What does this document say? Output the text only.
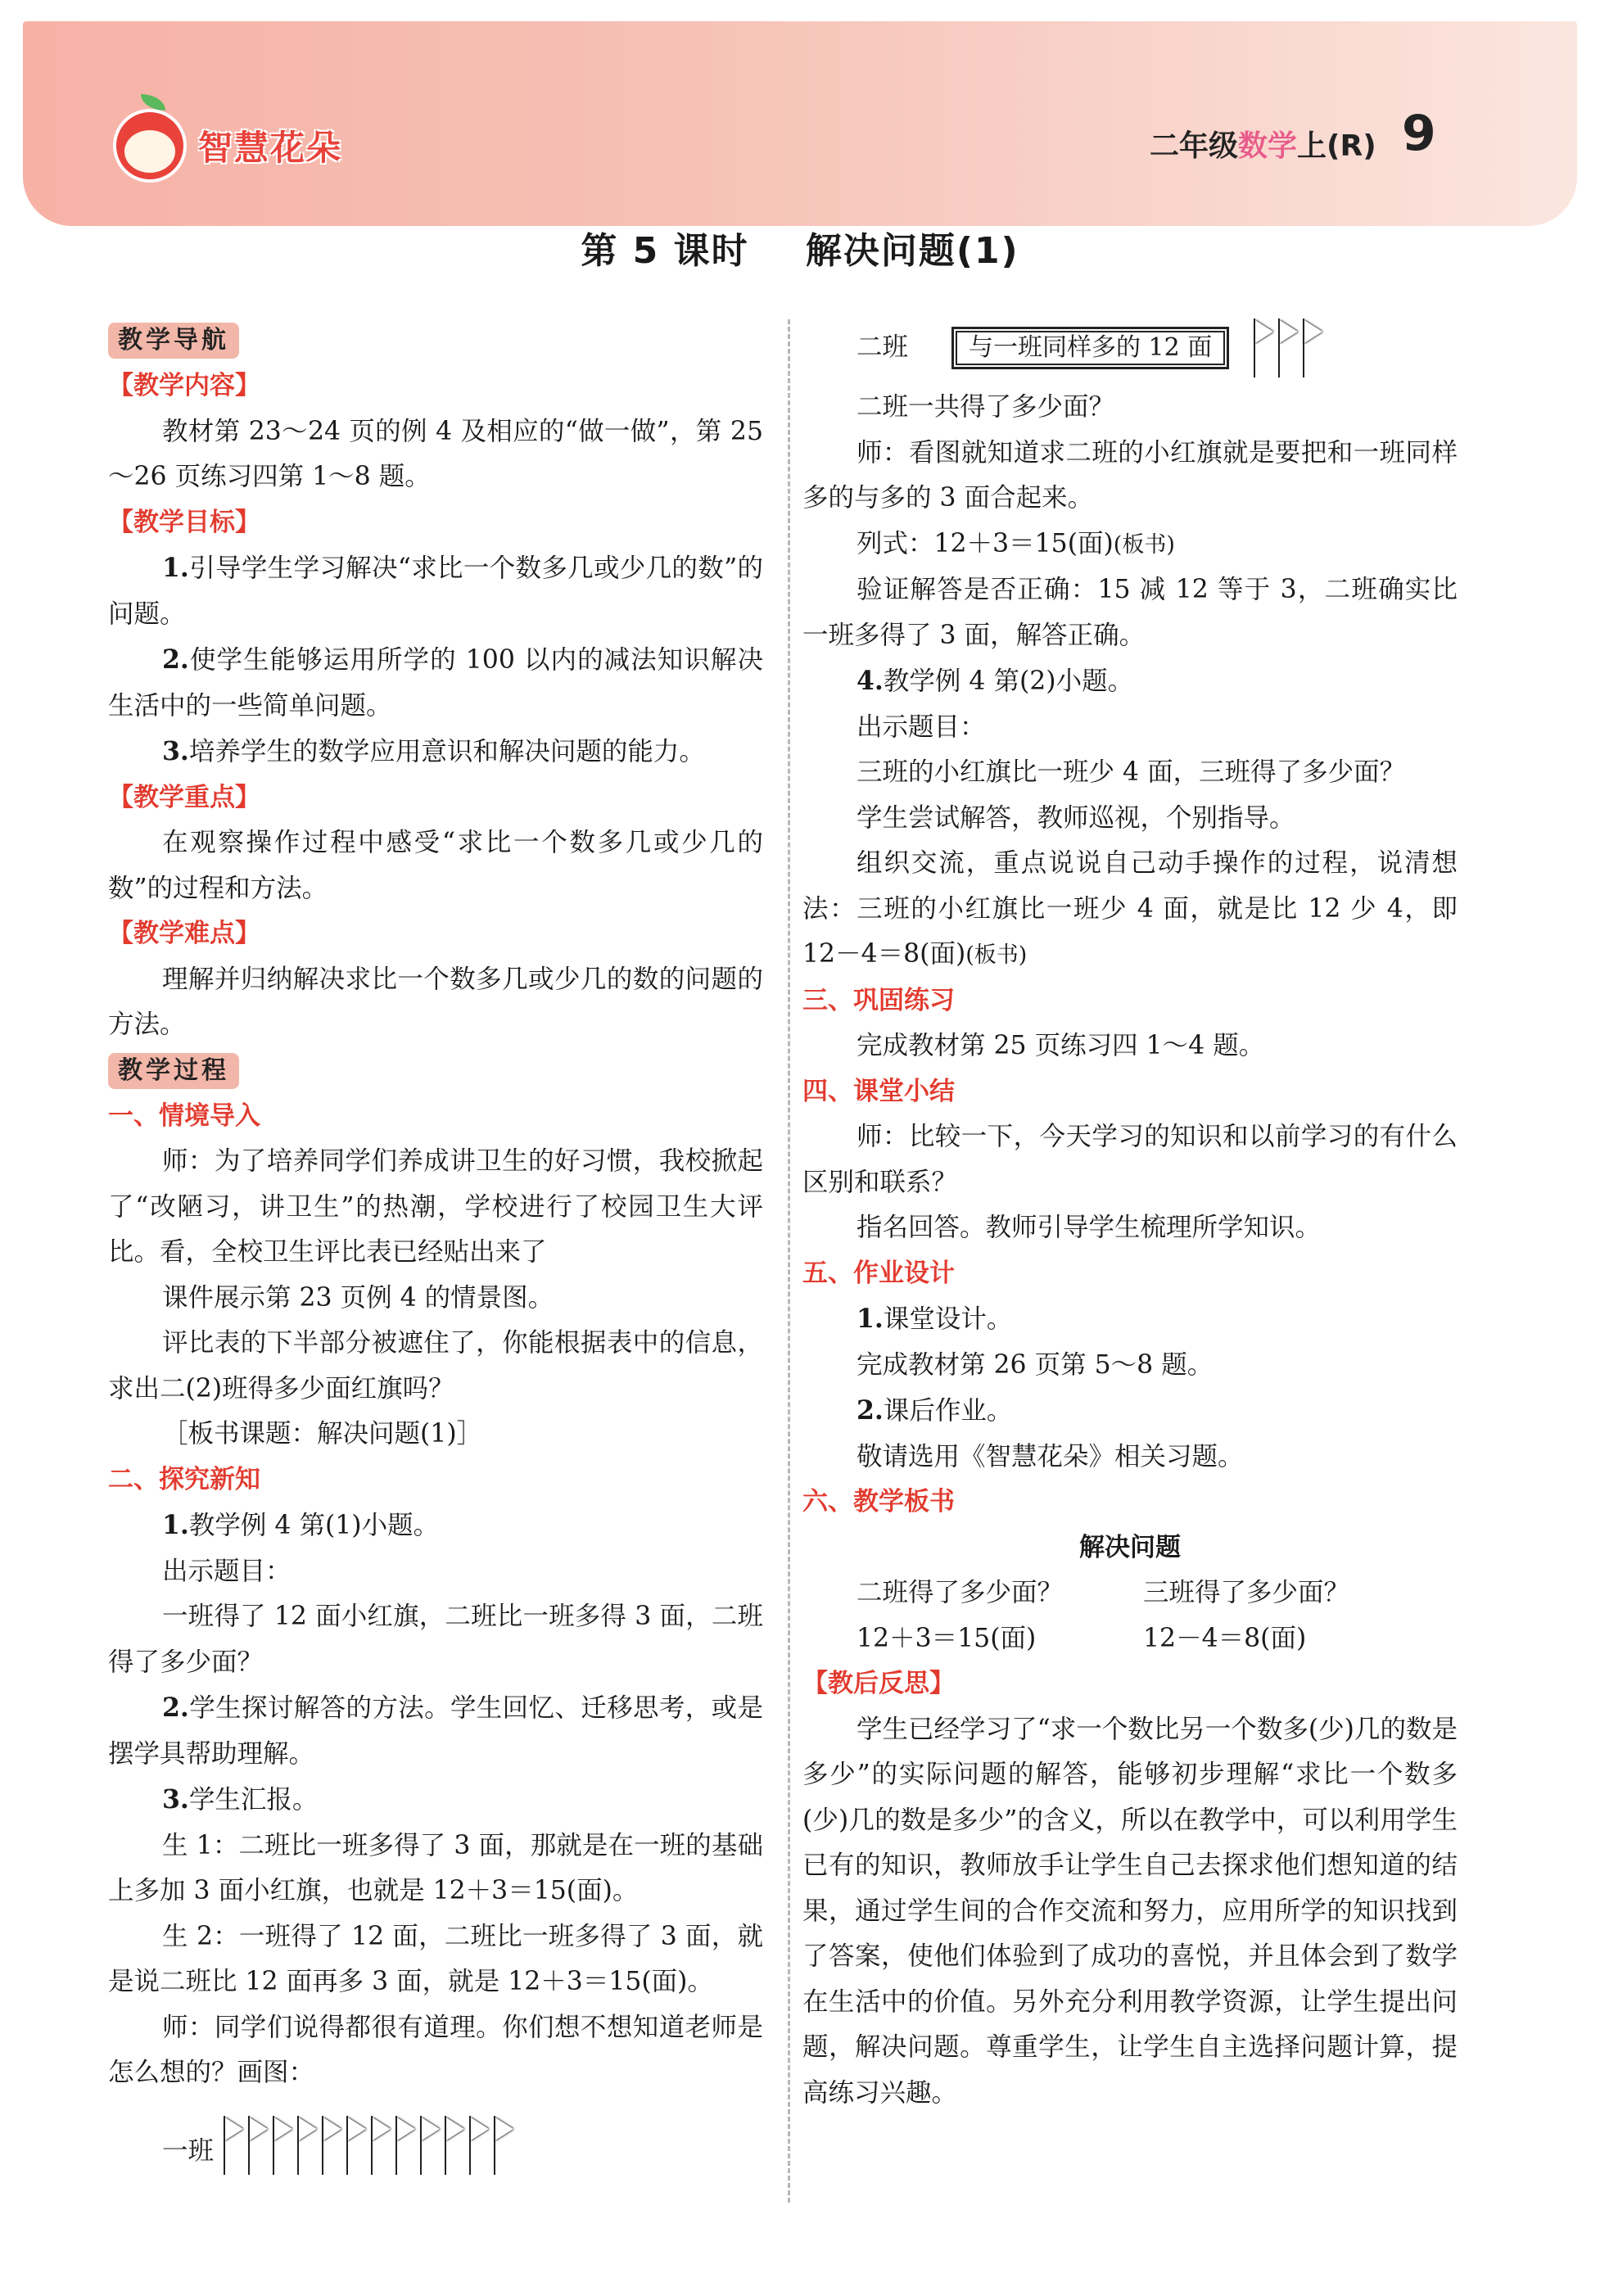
智慧花朵	二年级数学上(R) 9
第 5 课时    解决问题(1)
教学导航

【教学内容】

教材第 23～24 页的例 4 及相应的“做一做”，第 25～26 页练习四第 1～8 题。

【教学目标】

1.引导学生学习解决“求比一个数多几或少几的数”的问题。

2.使学生能够运用所学的 100 以内的减法知识解决生活中的一些简单问题。

3.培养学生的数学应用意识和解决问题的能力。

【教学重点】

在观察操作过程中感受“求比一个数多几或少几的数”的过程和方法。

【教学难点】

理解并归纳解决求比一个数多几或少几的数的问题的方法。

教学过程

一、情境导入

师：为了培养同学们养成讲卫生的好习惯，我校掀起了“改陋习，讲卫生”的热潮，学校进行了校园卫生大评比。看，全校卫生评比表已经贴出来了

课件展示第 23 页例 4 的情景图。

评比表的下半部分被遮住了，你能根据表中的信息，求出二(2)班得多少面红旗吗？

［板书课题：解决问题(1)］

二、探究新知

1.教学例 4 第(1)小题。

出示题目：

一班得了 12 面小红旗，二班比一班多得 3 面，二班得了多少面？

2.学生探讨解答的方法。学生回忆、迁移思考，或是摆学具帮助理解。

3.学生汇报。

生 1：二班比一班多得了 3 面，那就是在一班的基础上多加 3 面小红旗，也就是 12＋3＝15(面)。

生 2：一班得了 12 面，二班比一班多得了 3 面，就是说二班比 12 面再多 3 面，就是 12＋3＝15(面)。

师：同学们说得都很有道理。你们想不想知道老师是怎么想的？画图：

一班
二班	与一班同样多的 12 面

二班一共得了多少面？

师：看图就知道求二班的小红旗就是要把和一班同样多的与多的 3 面合起来。

列式：12＋3＝15(面)(板书)

验证解答是否正确：15 减 12 等于 3，二班确实比一班多得了 3 面，解答正确。

4.教学例 4 第(2)小题。

出示题目：

三班的小红旗比一班少 4 面，三班得了多少面？

学生尝试解答，教师巡视，个别指导。

组织交流，重点说说自己动手操作的过程，说清想法：三班的小红旗比一班少 4 面，就是比 12 少 4，即 12－4＝8(面)(板书)

三、巩固练习

完成教材第 25 页练习四 1～4 题。

四、课堂小结

师：比较一下，今天学习的知识和以前学习的有什么区别和联系？

指名回答。教师引导学生梳理所学知识。

五、作业设计

1.课堂设计。

完成教材第 26 页第 5～8 题。

2.课后作业。

敬请选用《智慧花朵》相关习题。

六、教学板书

解决问题

二班得了多少面？	三班得了多少面？
12＋3＝15(面)	12－4＝8(面)

【教后反思】

学生已经学习了“求一个数比另一个数多(少)几的数是多少”的实际问题的解答，能够初步理解“求比一个数多(少)几的数是多少”的含义，所以在教学中，可以利用学生已有的知识，教师放手让学生自己去探求他们想知道的结果，通过学生间的合作交流和努力，应用所学的知识找到了答案，使他们体验到了成功的喜悦，并且体会到了数学在生活中的价值。另外充分利用教学资源，让学生提出问题，解决问题。尊重学生，让学生自主选择问题计算，提高练习兴趣。
